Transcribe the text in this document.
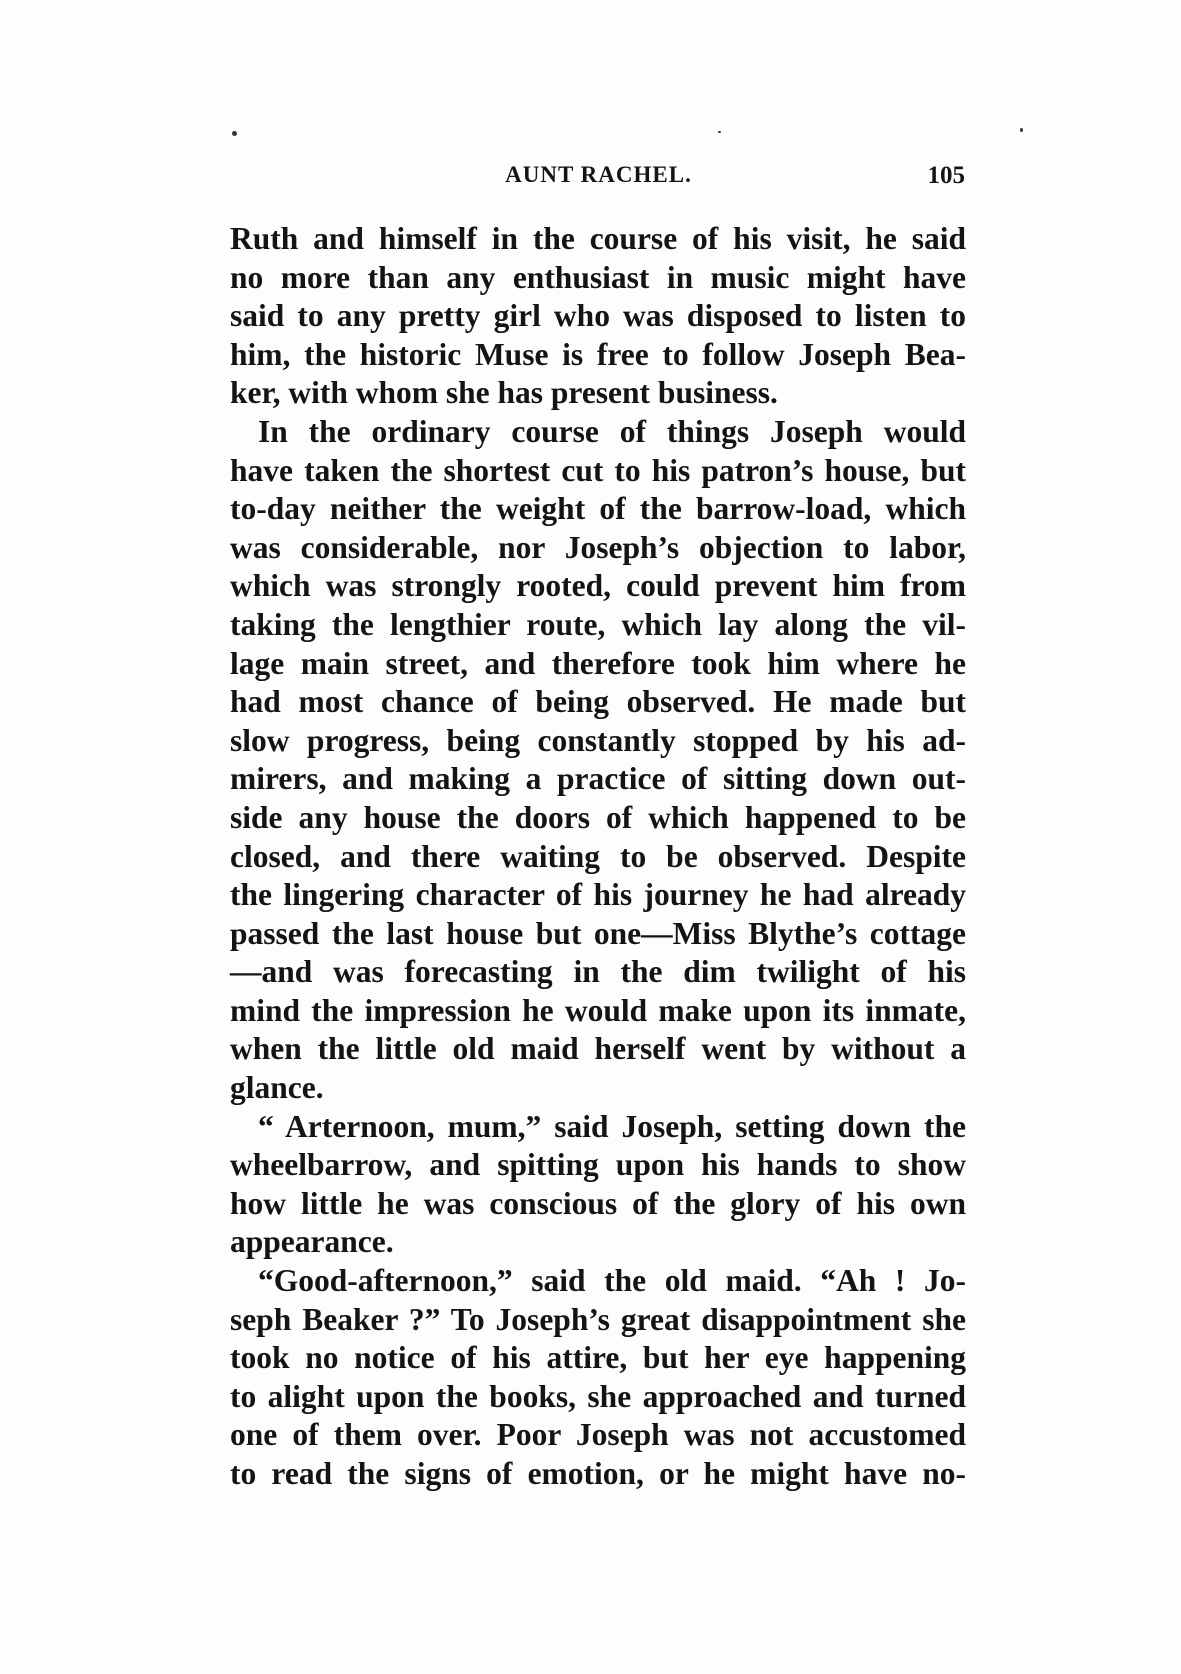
AUNT RACHEL.	105
Ruth and himself in the course of his visit, he said
no more than any enthusiast in music might have
said to any pretty girl who was disposed to listen to
him, the historic Muse is free to follow Joseph Bea-
ker, with whom she has present business.
In the ordinary course of things Joseph would
have taken the shortest cut to his patron’s house, but
to-day neither the weight of the barrow-load, which
was considerable, nor Joseph’s objection to labor,
which was strongly rooted, could prevent him from
taking the lengthier route, which lay along the vil-
lage main street, and therefore took him where he
had most chance of being observed. He made but
slow progress, being constantly stopped by his ad-
mirers, and making a practice of sitting down out-
side any house the doors of which happened to be
closed, and there waiting to be observed. Despite
the lingering character of his journey he had already
passed the last house but one—Miss Blythe’s cottage
—and was forecasting in the dim twilight of his
mind the impression he would make upon its inmate,
when the little old maid herself went by without a
glance.
“ Arternoon, mum,” said Joseph, setting down the
wheelbarrow, and spitting upon his hands to show
how little he was conscious of the glory of his own
appearance.
“Good-afternoon,” said the old maid. “Ah ! Jo-
seph Beaker ?” To Joseph’s great disappointment she
took no notice of his attire, but her eye happening
to alight upon the books, she approached and turned
one of them over. Poor Joseph was not accustomed
to read the signs of emotion, or he might have no-
